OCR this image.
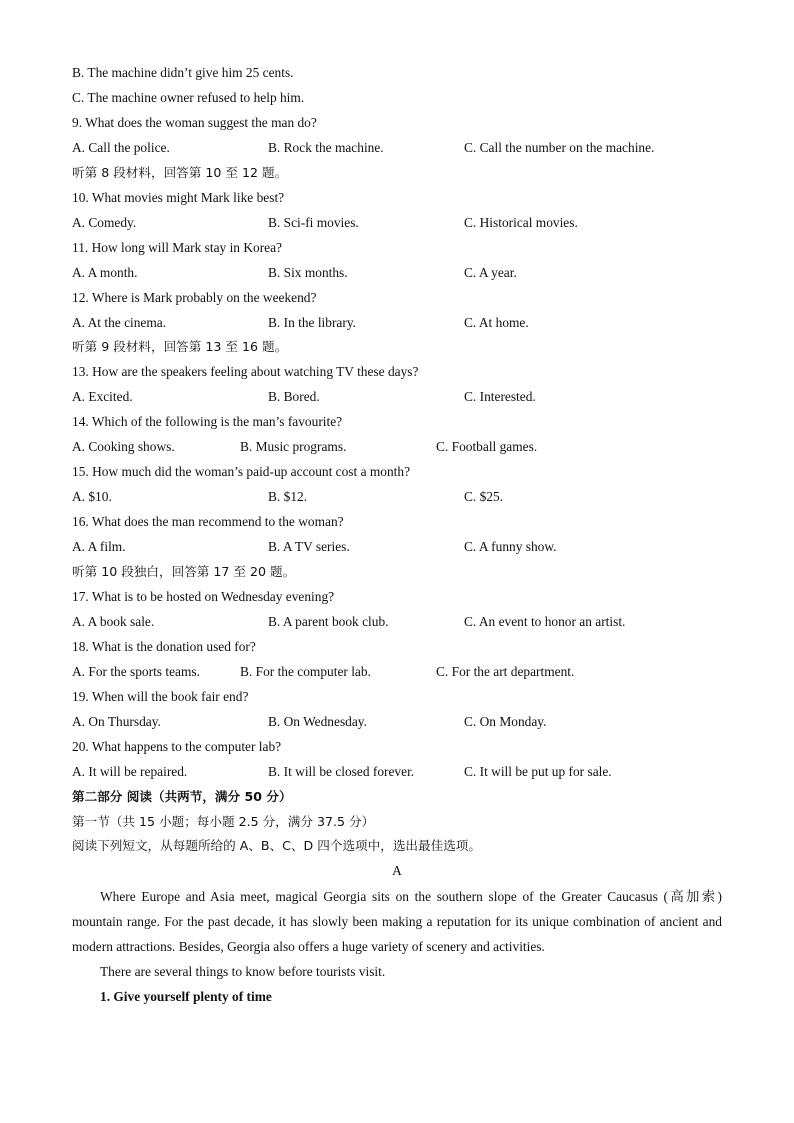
B. The machine didn’t give him 25 cents.
C. The machine owner refused to help him.
9. What does the woman suggest the man do?
A. Call the police.	B. Rock the machine.	C. Call the number on the machine.
听第 8 段材料，回答第 10 至 12 题。
10. What movies might Mark like best?
A. Comedy.	B. Sci-fi movies.	C. Historical movies.
11. How long will Mark stay in Korea?
A. A month.	B. Six months.	C. A year.
12. Where is Mark probably on the weekend?
A. At the cinema.	B. In the library.	C. At home.
听第 9 段材料，回答第 13 至 16 题。
13. How are the speakers feeling about watching TV these days?
A. Excited.	B. Bored.	C. Interested.
14. Which of the following is the man’s favourite?
A. Cooking shows.	B. Music programs.	C. Football games.
15. How much did the woman’s paid-up account cost a month?
A. $10.	B. $12.	C. $25.
16. What does the man recommend to the woman?
A. A film.	B. A TV series.	C. A funny show.
听第 10 段独白，回答第 17 至 20 题。
17. What is to be hosted on Wednesday evening?
A. A book sale.	B. A parent book club.	C. An event to honor an artist.
18. What is the donation used for?
A. For the sports teams.	B. For the computer lab.	C. For the art department.
19. When will the book fair end?
A. On Thursday.	B. On Wednesday.	C. On Monday.
20. What happens to the computer lab?
A. It will be repaired.	B. It will be closed forever.	C. It will be put up for sale.
第二部分 阅读（共两节，满分 50 分）
第一节（共 15 小题；每小题 2.5 分，满分 37.5 分）
阅读下列短文，从每题所给的 A、B、C、D 四个选项中，选出最佳选项。
A
Where Europe and Asia meet, magical Georgia sits on the southern slope of the Greater Caucasus (高加索) mountain range. For the past decade, it has slowly been making a reputation for its unique combination of ancient and modern attractions. Besides, Georgia also offers a huge variety of scenery and activities.
There are several things to know before tourists visit.
1. Give yourself plenty of time
